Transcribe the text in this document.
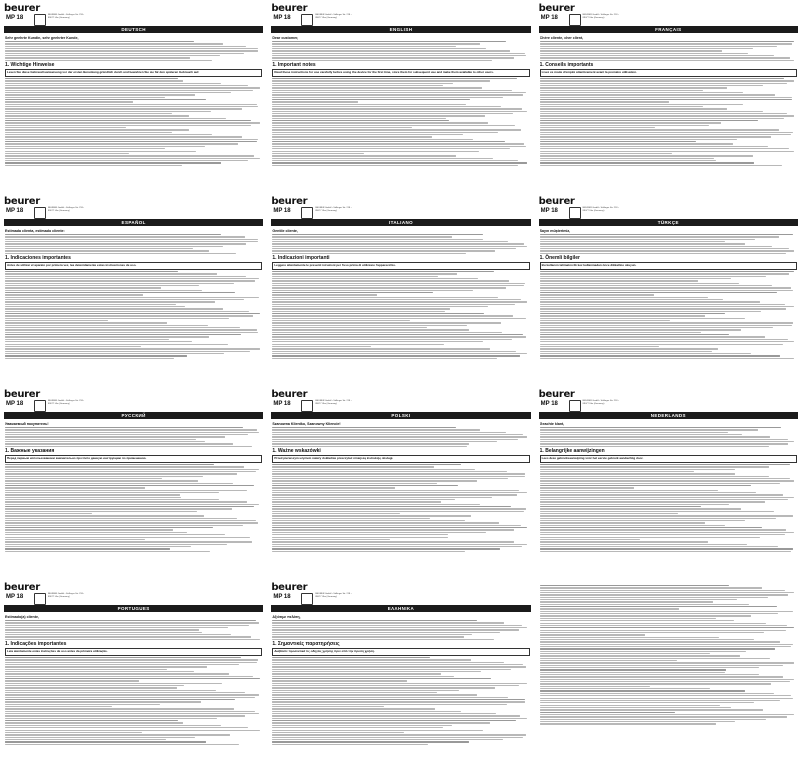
beurer
MP 18	BEURER GmbH • Söflinger Str. 218 • 89077 Ulm (Germany)
DEUTSCH
Sehr geehrte Kundin, sehr geehrter Kunde,
1. Wichtige Hinweise
Lesen Sie diese Gebrauchsanweisung vor der ersten Benutzung gründlich durch und bewahren Sie sie für den späteren Gebrauch auf.
beurer
MP 18	BEURER GmbH • Söflinger Str. 218 • 89077 Ulm (Germany)
ENGLISH
Dear customer,
1. Important notes
Read these instructions for use carefully before using the device for the first time, store them for subsequent use and make them available to other users.
beurer
MP 18	BEURER GmbH • Söflinger Str. 218 • 89077 Ulm (Germany)
FRANÇAIS
Chère cliente, cher client,
1. Conseils importants
Lisez ce mode d'emploi attentivement avant la première utilisation.
beurer
MP 18	BEURER GmbH • Söflinger Str. 218 • 89077 Ulm (Germany)
ESPAÑOL
Estimada clienta, estimado cliente:
1. Indicaciones importantes
Antes de utilizar el aparato por primera vez, lea detenidamente estas instrucciones de uso.
beurer
MP 18	BEURER GmbH • Söflinger Str. 218 • 89077 Ulm (Germany)
ITALIANO
Gentile cliente,
1. Indicazioni importanti
Leggere attentamente le presenti istruzioni per l'uso prima di utilizzare l'apparecchio.
beurer
MP 18	BEURER GmbH • Söflinger Str. 218 • 89077 Ulm (Germany)
TÜRKÇE
Sayın müşterimiz,
1. Önemli bilgiler
Bu kullanım talimatını ilk kez kullanmadan önce dikkatlice okuyun.
beurer
MP 18	BEURER GmbH • Söflinger Str. 218 • 89077 Ulm (Germany)
РУССКИЙ
Уважаемый покупатель!
1. Важные указания
Перед первым использованием внимательно прочтите данную инструкцию по применению.
beurer
MP 18	BEURER GmbH • Söflinger Str. 218 • 89077 Ulm (Germany)
POLSKI
Szanowna Klientko, Szanowny Kliencie!
1. Ważne wskazówki
Przed pierwszym użyciem należy dokładnie przeczytać niniejszą instrukcję obsługi.
beurer
MP 18	BEURER GmbH • Söflinger Str. 218 • 89077 Ulm (Germany)
NEDERLANDS
Geachte klant,
1. Belangrijke aanwijzingen
Lees deze gebruiksaanwijzing vóór het eerste gebruik aandachtig door.
beurer
MP 18	BEURER GmbH • Söflinger Str. 218 • 89077 Ulm (Germany)
PORTUGUES
Estimado(a) cliente,
1. Indicações importantes
Leia atentamente estas instruções de uso antes da primeira utilização.
beurer
MP 18	BEURER GmbH • Söflinger Str. 218 • 89077 Ulm (Germany)
ΕΛΛΗΝΙΚΑ
Αξιότιμε πελάτη,
1. Σημαντικές παρατηρήσεις
Διαβάστε προσεκτικά τις οδηγίες χρήσης πριν από την πρώτη χρήση.
